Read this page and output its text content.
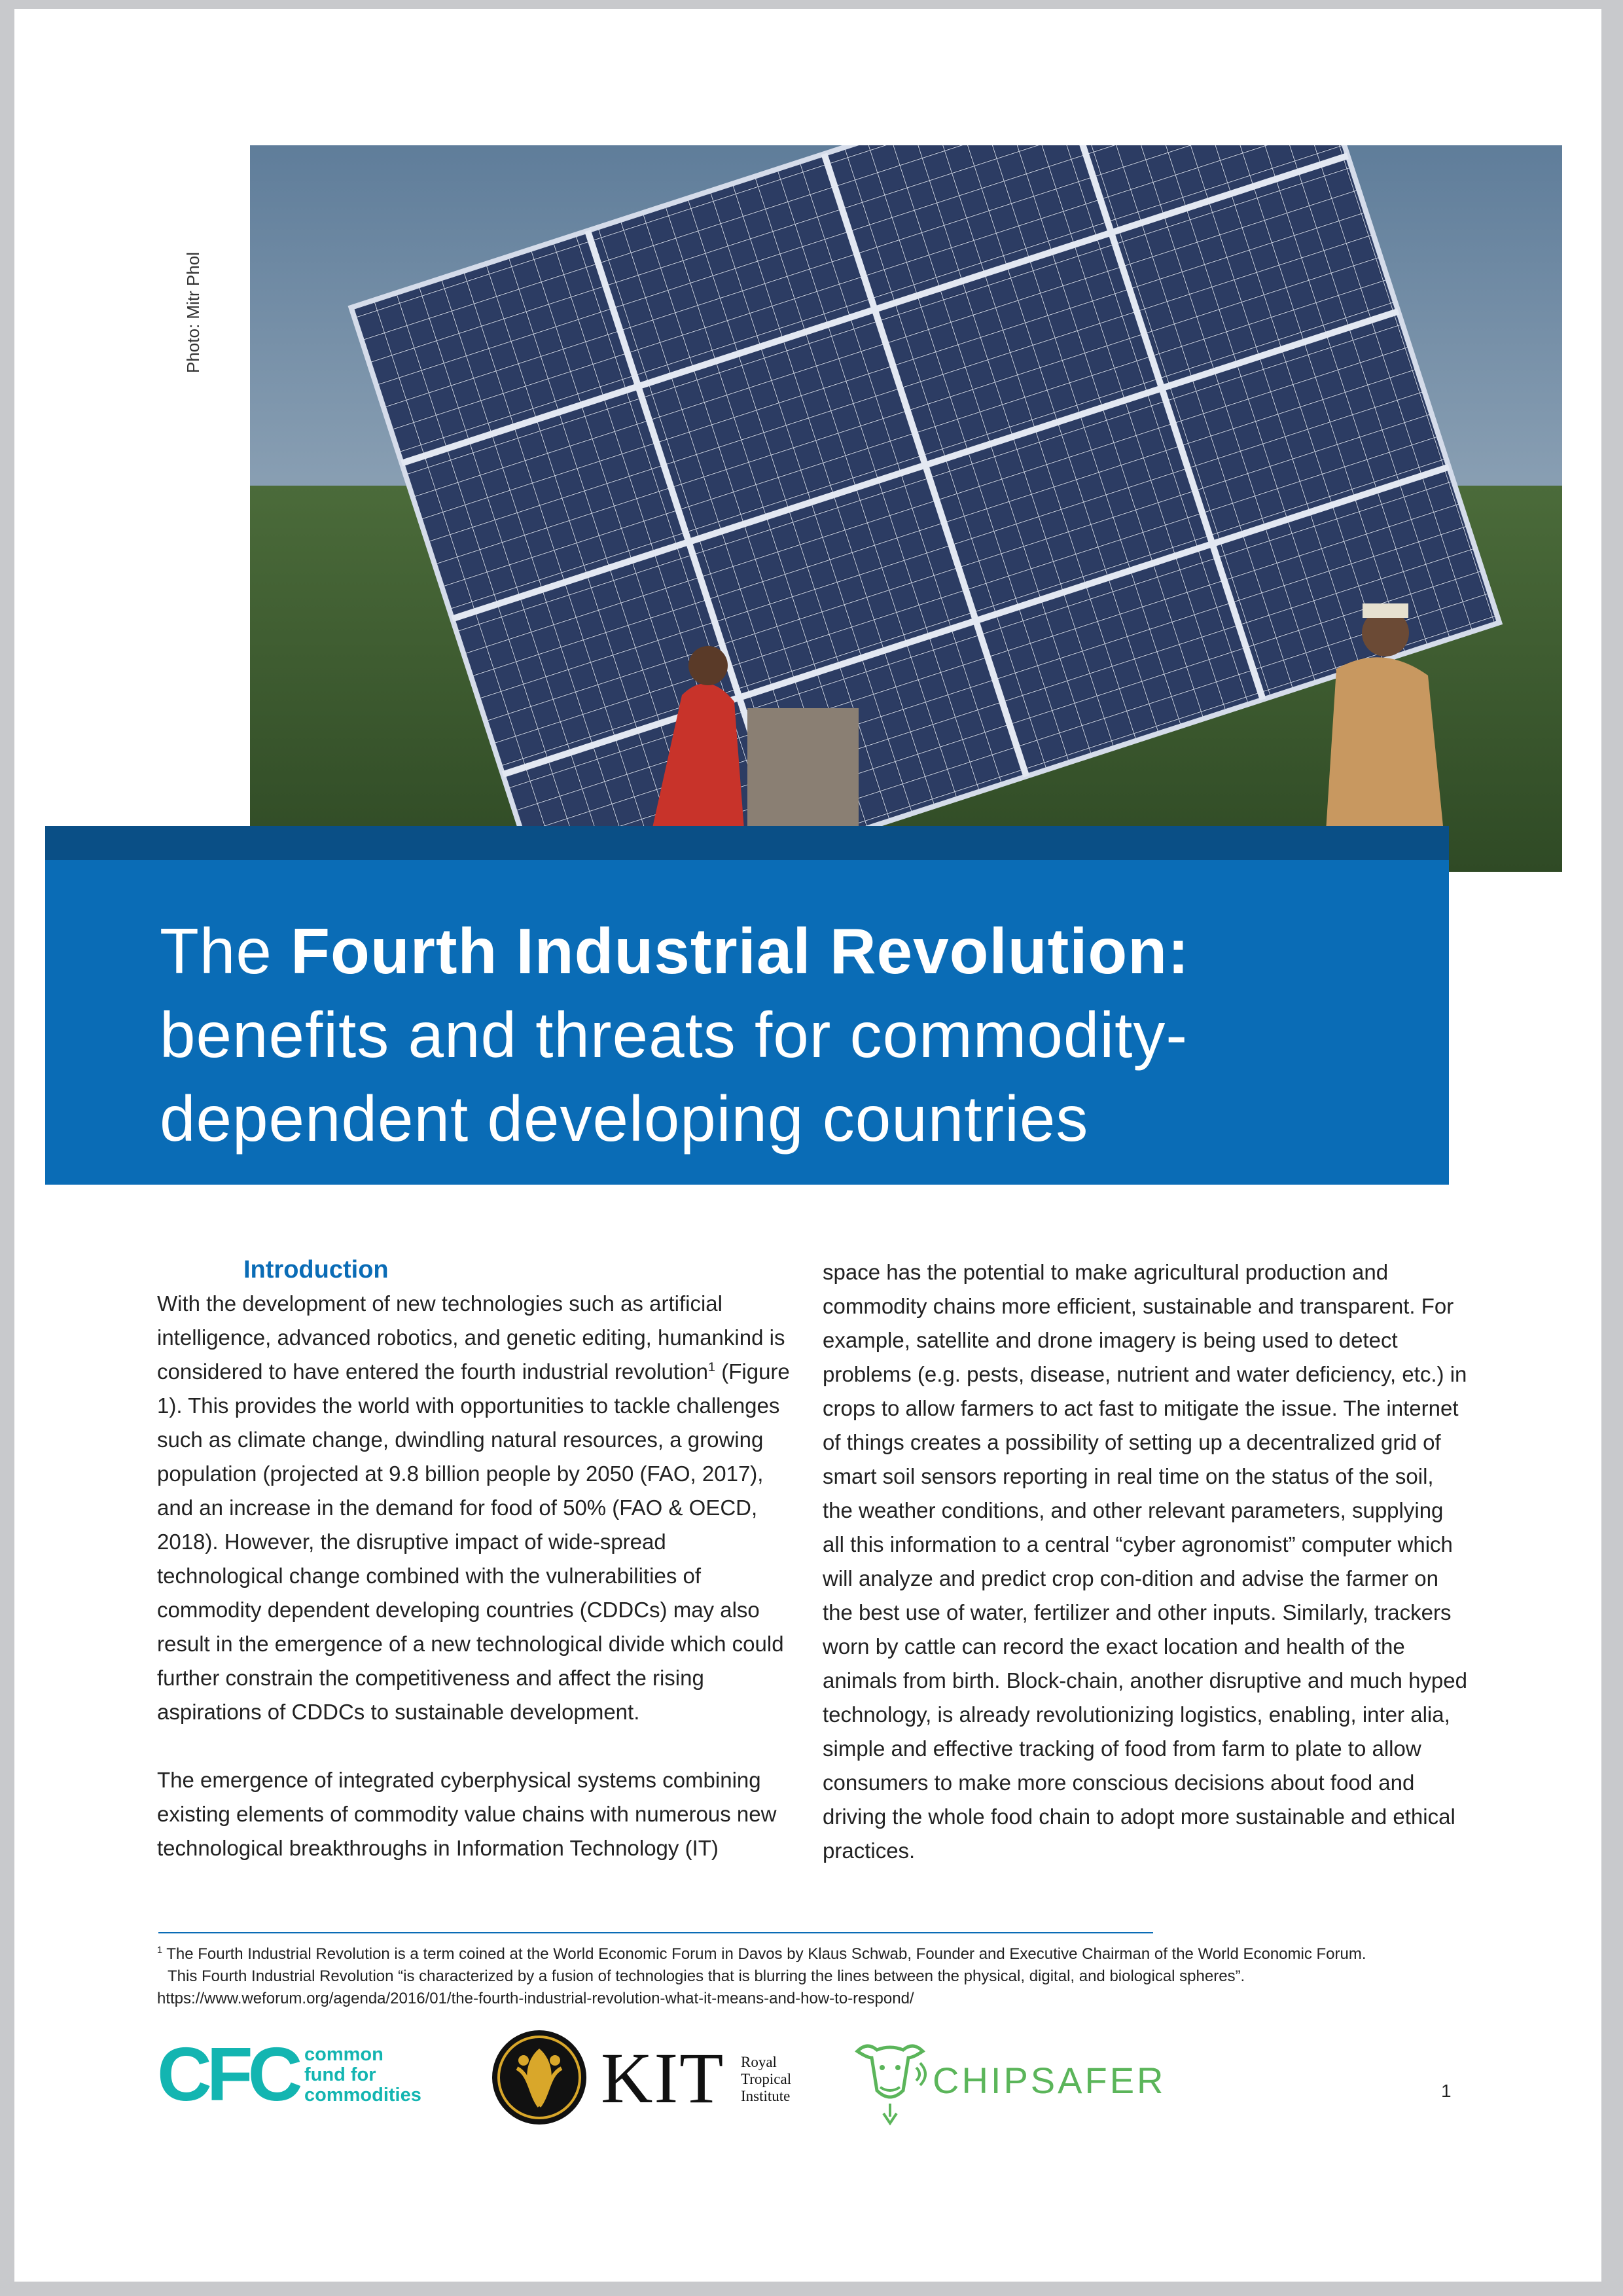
Photo: Mitr Phol
The Fourth Industrial Revolution:
benefits and threats for commodity-
dependent developing countries

Introduction

With the development of new technologies such as artificial intelligence, advanced robotics, and genetic editing, humankind is considered to have entered the fourth industrial revolution$^1$ (Figure 1). This provides the world with opportunities to tackle challenges such as climate change, dwindling natural resources, a growing population (projected at 9.8 billion people by 2050 (FAO, 2017), and an increase in the demand for food of 50% (FAO & OECD, 2018). However, the disruptive impact of wide-spread technological change combined with the vulnerabilities of commodity dependent developing countries (CDDCs) may also result in the emergence of a new technological divide which could further constrain the competitiveness and affect the rising aspirations of CDDCs to sustainable development.

The emergence of integrated cyberphysical systems combining existing elements of commodity value chains with numerous new technological breakthroughs in Information Technology (IT)

space has the potential to make agricultural production and commodity chains more efficient, sustainable and transparent. For example, satellite and drone imagery is being used to detect problems (e.g. pests, disease, nutrient and water deficiency, etc.) in crops to allow farmers to act fast to mitigate the issue. The internet of things creates a possibility of setting up a decentralized grid of smart soil sensors reporting in real time on the status of the soil, the weather conditions, and other relevant parameters, supplying all this information to a central “cyber agronomist” computer which will analyze and predict crop con-dition and advise the farmer on the best use of water, fertilizer and other inputs. Similarly, trackers worn by cattle can record the exact location and health of the animals from birth. Block-chain, another disruptive and much hyped technology, is already revolutionizing logistics, enabling, inter alia, simple and effective tracking of food from farm to plate to allow consumers to make more conscious decisions about food and driving the whole food chain to adopt more sustainable and ethical practices.

$^1$ The Fourth Industrial Revolution is a term coined at the World Economic Forum in Davos by Klaus Schwab, Founder and Executive Chairman of the World Economic Forum.

This Fourth Industrial Revolution “is characterized by a fusion of technologies that is blurring the lines between the physical, digital, and biological spheres”.

https://www.weforum.org/agenda/2016/01/the-fourth-industrial-revolution-what-it-means-and-how-to-respond/

CFC common
fund for
commodities KIT Royal
Tropical
Institute	CHIPSAFER	1
